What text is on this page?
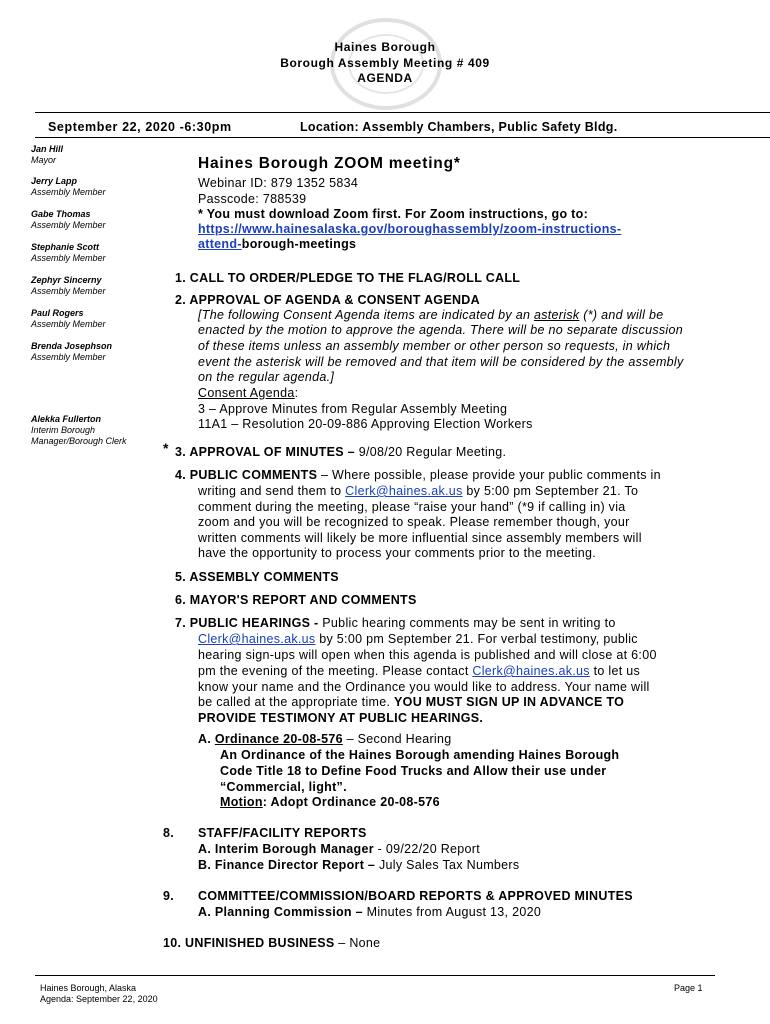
Haines Borough
Borough Assembly Meeting # 409
AGENDA
September 22, 2020 -6:30pm	Location: Assembly Chambers, Public Safety Bldg.
Jan Hill
Mayor
Jerry Lapp
Assembly Member
Gabe Thomas
Assembly Member
Stephanie Scott
Assembly Member
Zephyr Sincerny
Assembly Member
Paul Rogers
Assembly Member
Brenda Josephson
Assembly Member
Alekka Fullerton
Interim Borough
Manager/Borough Clerk
Haines Borough ZOOM meeting*
Webinar ID: 879 1352 5834
Passcode: 788539
* You must download Zoom first. For Zoom instructions, go to:
https://www.hainesalaska.gov/boroughassembly/zoom-instructions-
attend-borough-meetings
1. CALL TO ORDER/PLEDGE TO THE FLAG/ROLL CALL
2. APPROVAL OF AGENDA & CONSENT AGENDA
[The following Consent Agenda items are indicated by an asterisk (*) and will be
enacted by the motion to approve the agenda. There will be no separate discussion
of these items unless an assembly member or other person so requests, in which
event the asterisk will be removed and that item will be considered by the assembly
on the regular agenda.]
Consent Agenda:
3 – Approve Minutes from Regular Assembly Meeting
11A1 – Resolution 20-09-886 Approving Election Workers
* 3. APPROVAL OF MINUTES – 9/08/20 Regular Meeting.
4. PUBLIC COMMENTS – Where possible, please provide your public comments in
writing and send them to Clerk@haines.ak.us by 5:00 pm September 21. To
comment during the meeting, please “raise your hand” (*9 if calling in) via
zoom and you will be recognized to speak. Please remember though, your
written comments will likely be more influential since assembly members will
have the opportunity to process your comments prior to the meeting.
5. ASSEMBLY COMMENTS
6. MAYOR'S REPORT AND COMMENTS
7. PUBLIC HEARINGS - Public hearing comments may be sent in writing to
Clerk@haines.ak.us by 5:00 pm September 21. For verbal testimony, public
hearing sign-ups will open when this agenda is published and will close at 6:00
pm the evening of the meeting. Please contact Clerk@haines.ak.us to let us
know your name and the Ordinance you would like to address. Your name will
be called at the appropriate time. YOU MUST SIGN UP IN ADVANCE TO
PROVIDE TESTIMONY AT PUBLIC HEARINGS.
A. Ordinance 20-08-576 – Second Hearing
An Ordinance of the Haines Borough amending Haines Borough
Code Title 18 to Define Food Trucks and Allow their use under
“Commercial, light”.
Motion: Adopt Ordinance 20-08-576
8. STAFF/FACILITY REPORTS
A. Interim Borough Manager - 09/22/20 Report
B. Finance Director Report – July Sales Tax Numbers
9. COMMITTEE/COMMISSION/BOARD REPORTS & APPROVED MINUTES
A. Planning Commission – Minutes from August 13, 2020
10. UNFINISHED BUSINESS – None
Haines Borough, Alaska
Agenda: September 22, 2020
Page 1
